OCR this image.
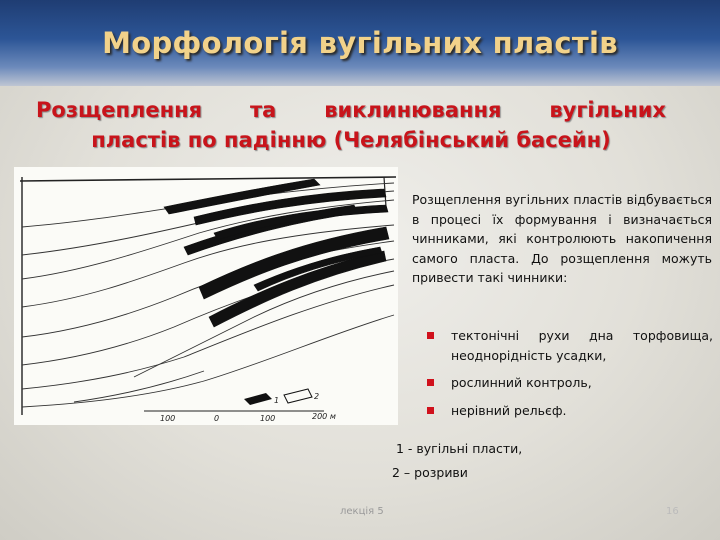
Морфологія вугільних пластів
Розщеплення та виклинювання вугільних
пластів по падінню (Челябінський басейн)
1	2
100	0	100	200 м
Розщеплення вугільних пластів відбувається в процесі їх формування і визначається чинниками, які контролюють накопичення самого пласта. До розщеплення можуть привести такі чинники:
тектонічні рухи дна торфовища, неоднорідність усадки,
рослинний контроль,
нерівний рельєф.
1 - вугільні пласти,
2 – розриви
лекція 5	16
